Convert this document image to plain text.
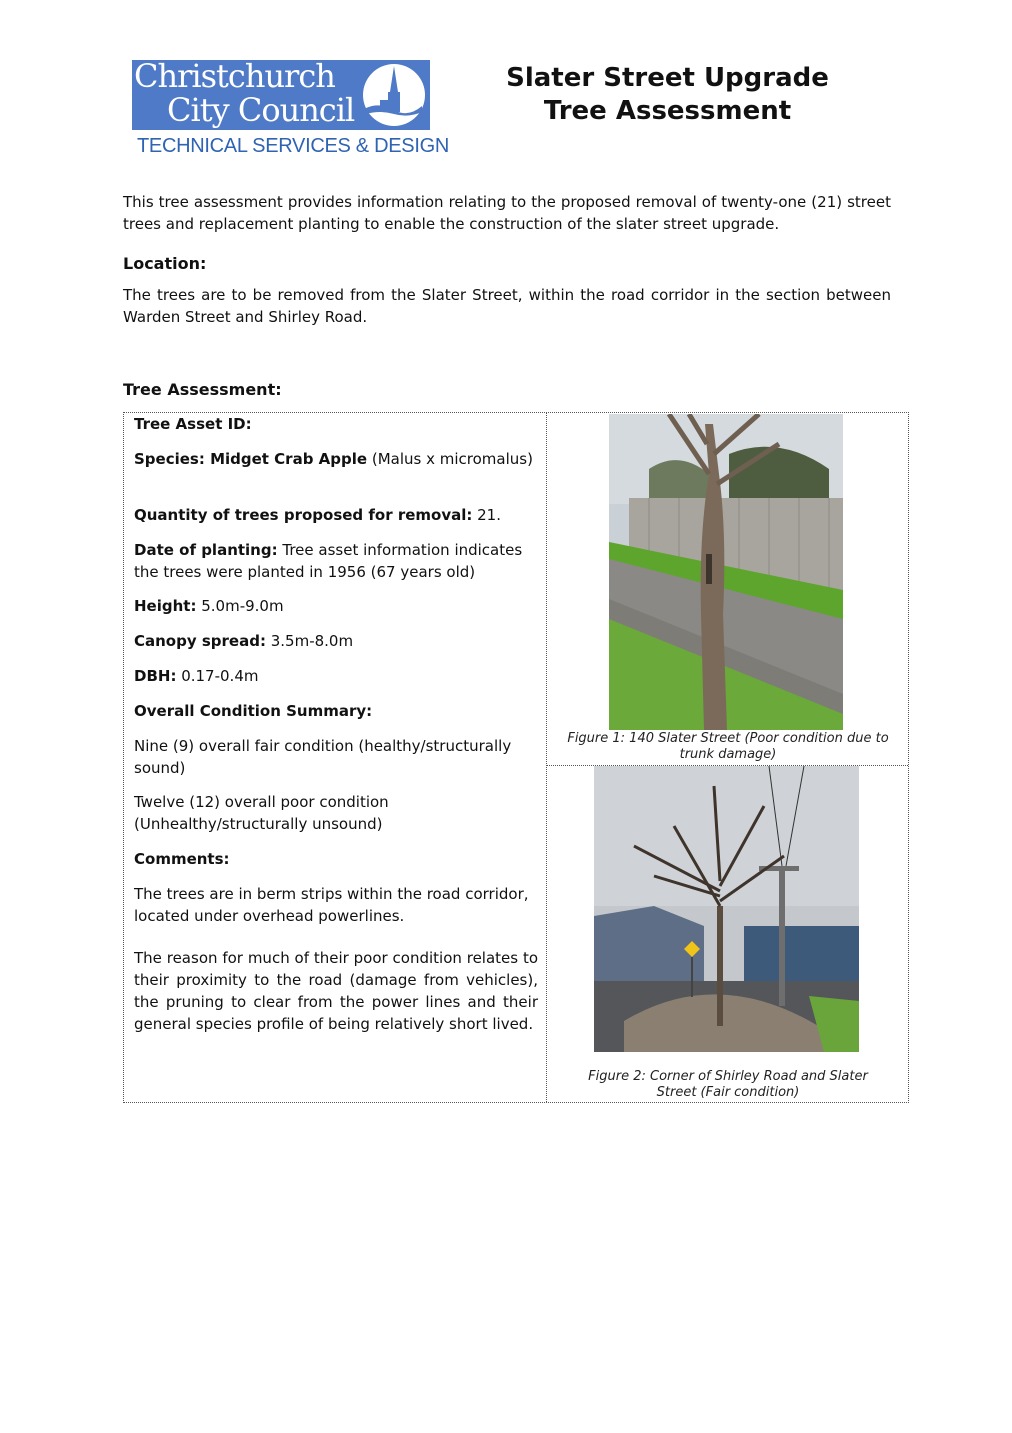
Christchurch
City Council
TECHNICAL SERVICES & DESIGN
Slater Street Upgrade
Tree Assessment
This tree assessment provides information relating to the proposed removal of twenty-one (21) street trees and replacement planting to enable the construction of the slater street upgrade.
Location:
The trees are to be removed from the Slater Street, within the road corridor in the section between Warden Street and Shirley Road.
Tree Assessment:
Tree Asset ID:
Species: Midget Crab Apple (Malus x micromalus)
Quantity of trees proposed for removal: 21.
Date of planting: Tree asset information indicates the trees were planted in 1956 (67 years old)
Height: 5.0m-9.0m
Canopy spread: 3.5m-8.0m
DBH: 0.17-0.4m
Overall Condition Summary:
Nine (9) overall fair condition (healthy/structurally sound)
Twelve (12) overall poor condition (Unhealthy/structurally unsound)
Comments:
The trees are in berm strips within the road corridor, located under overhead powerlines.
The reason for much of their poor condition relates to their proximity to the road (damage from vehicles), the pruning to clear from the power lines and their general species profile of being relatively short lived.
Figure 1: 140 Slater Street (Poor condition due to trunk damage)
Figure 2: Corner of Shirley Road and Slater Street (Fair condition)
